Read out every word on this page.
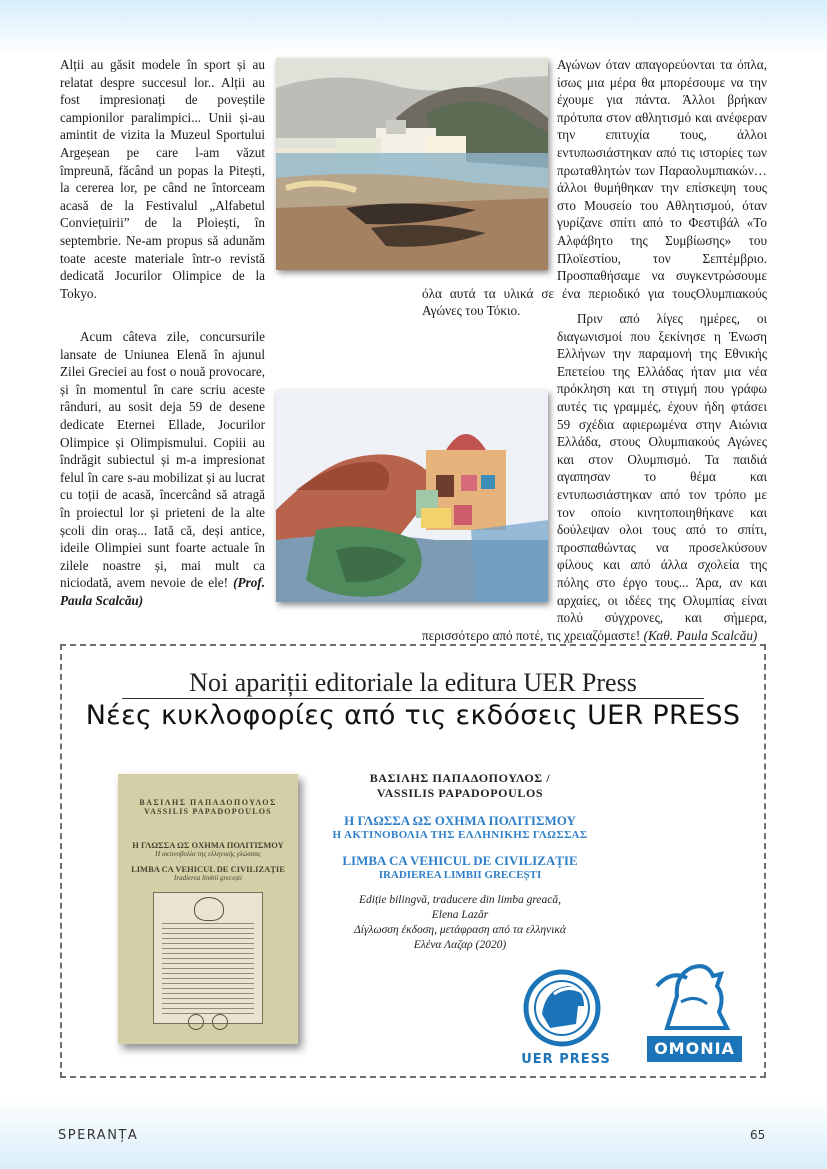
Alții au găsit modele în sport și au relatat despre succesul lor.. Alții au fost impresionați de poveștile campionilor paralimpici... Unii și-au amintit de vizita la Muzeul Sportului Argeșean pe care l-am văzut împreună, făcând un popas la Pitești, la cererea lor, pe când ne întorceam acasă de la Festivalul „Alfabetul Conviețuirii” de la Ploiești, în septembrie. Ne-am propus să adunăm toate aceste materiale într-o revistă dedicată Jocurilor Olimpice de la Tokyo.
Acum câteva zile, concursurile lansate de Uniunea Elenă în ajunul Zilei Greciei au fost o nouă provocare, și în momentul în care scriu aceste rânduri, au sosit deja 59 de desene dedicate Eternei Ellade, Jocurilor Olimpice și Olimpismului. Copiii au îndrăgit subiectul și m-a impresionat felul în care s-au mobilizat și au lucrat cu toții de acasă, încercând să atragă în proiectul lor și prieteni de la alte școli din oraș... Iată că, deși antice, ideile Olimpiei sunt foarte actuale în zilele noastre și, mai mult ca niciodată, avem nevoie de ele! (Prof. Paula Scalcău)
Αγώνων όταν απαγορεύονται τα όπλα, ίσως μια μέρα θα μπορέσουμε να την έχουμε για πάντα. Άλλοι βρήκαν πρότυπα στον αθλητισμό και ανέφεραν την επιτυχία τους, άλλοι εντυπωσιάστηκαν από τις ιστορίες των πρωταθλητών των Παραολυμπιακών… άλλοι θυμήθηκαν την επίσκεψη τους στο Μουσείο του Αθλητισμού, όταν γυρίζανε σπίτι από το Φεστιβάλ «Το Αλφάβητο της Συμβίωσης» του Πλοϊεστίου, τον Σεπτέμβριο. Προσπαθήσαμε να συγκεντρώσουμε όλα αυτά τα υλικά σε ένα περιοδικό για τουςΟλυμπιακούς Αγώνες του Τόκιο.
Πριν από λίγες ημέρες, οι διαγωνισμοί που ξεκίνησε η Ένωση Ελλήνων την παραμονή της Εθνικής Επετείου της Ελλάδας ήταν μια νέα πρόκληση και τη στιγμή που γράφω αυτές τις γραμμές, έχουν ήδη φτάσει 59 σχέδια αφιερωμένα στην Αιώνια Ελλάδα, στους Ολυμπιακούς Αγώνες και στον Ολυμπισμό. Τα παιδιά αγαπησαν το θέμα και εντυπωσιάστηκαν από τον τρόπο με τον οποίο κινητοποιηθήκανε και δούλεψαν ολοι τους από το σπίτι, προσπαθώντας να προσελκύσουν φίλους και από άλλα σχολεία της πόλης στο έργο τους... Άρα, αν και αρχαίες, οι ιδέες της Ολυμπίας είναι πολύ σύγχρονες, και σήμερα, περισσότερο από ποτέ, τις χρειαζόμαστε! (Καθ. Paula Scalcău)
Noi apariții editoriale la editura UER Press
Νέες κυκλοφορίες από τις εκδόσεις UER PRESS
ΒΑΣΙΛΗΣ ΠΑΠΑΔΟΠΟΥΛΟΣ
VASSILIS PAPADOPOULOS
Η ΓΛΩΣΣΑ ΩΣ ΟΧΗΜΑ ΠΟΛΙΤΙΣΜΟΥ
Η ακτινοβολία της ελληνικής γλώσσας
LIMBA CA VEHICUL DE CIVILIZAȚIE
Iradierea limbii grecești
ΒΑΣΙΛΗΣ ΠΑΠΑΔΟΠΟΥΛΟΣ /
VASSILIS PAPADOPOULOS
Η ΓΛΩΣΣΑ ΩΣ ΟΧΗΜΑ ΠΟΛΙΤΙΣΜΟΥ
Η ΑΚΤΙΝΟΒΟΛΙΑ ΤΗΣ ΕΛΛΗΝΙΚΗΣ ΓΛΩΣΣΑΣ
LIMBA CA VEHICUL DE CIVILIZAȚIE
IRADIEREA LIMBII GRECEȘTI
Ediție bilingvă, traducere din limba greacă,
Elena Lazăr
Δίγλωσση έκδοση, μετάφραση από τα ελληνικά
Ελένα Λαζαρ (2020)
UER PRESS
OMONIA
SPERANȚA	65
